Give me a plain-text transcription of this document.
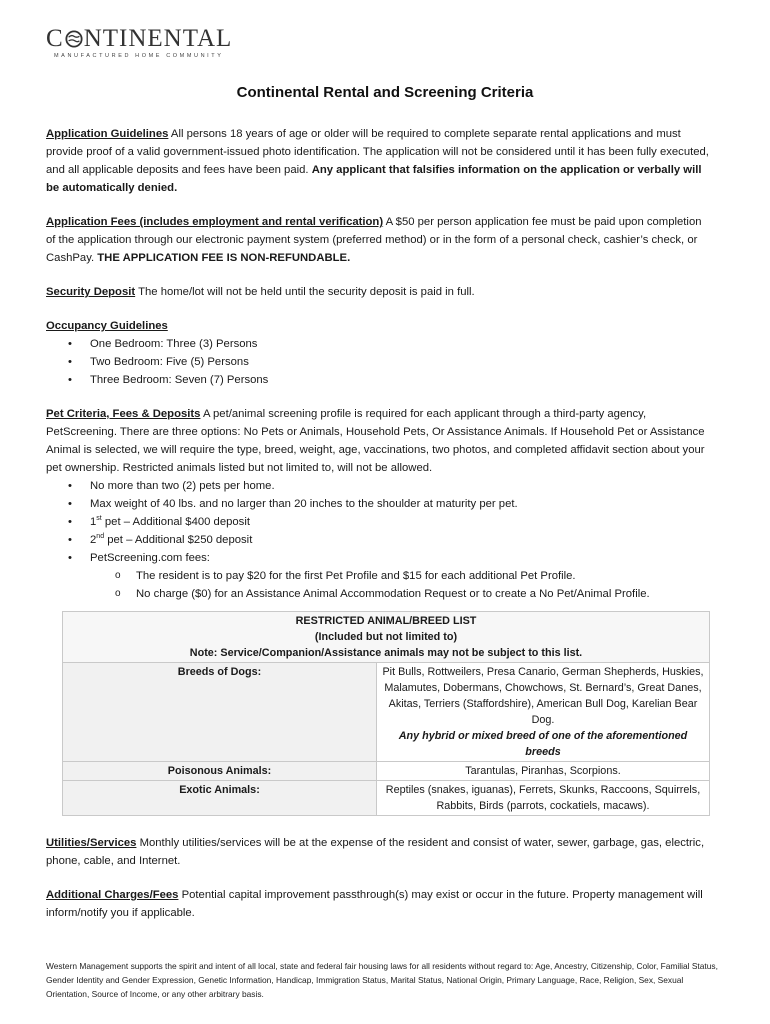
C NTINENTAL
MANUFACTURED HOME COMMUNITY
Continental Rental and Screening Criteria

Application Guidelines All persons 18 years of age or older will be required to complete separate rental applications and must provide proof of a valid government-issued photo identification. The application will not be considered until it has been fully executed, and all applicable deposits and fees have been paid. Any applicant that falsifies information on the application or verbally will be automatically denied.

Application Fees (includes employment and rental verification) A $50 per person application fee must be paid upon completion of the application through our electronic payment system (preferred method) or in the form of a personal check, cashier’s check, or CashPay. THE APPLICATION FEE IS NON-REFUNDABLE.

Security Deposit The home/lot will not be held until the security deposit is paid in full.

Occupancy Guidelines

• One Bedroom: Three (3) Persons
• Two Bedroom: Five (5) Persons
• Three Bedroom: Seven (7) Persons

Pet Criteria, Fees & Deposits A pet/animal screening profile is required for each applicant through a third-party agency, PetScreening. There are three options: No Pets or Animals, Household Pets, Or Assistance Animals. If Household Pet or Assistance Animal is selected, we will require the type, breed, weight, age, vaccinations, two photos, and completed affidavit section about your pet ownership. Restricted animals listed but not limited to, will not be allowed.

• No more than two (2) pets per home.
• Max weight of 40 lbs. and no larger than 20 inches to the shoulder at maturity per pet.
• 1st pet – Additional $400 deposit
• 2nd pet – Additional $250 deposit
• PetScreening.com fees:
o The resident is to pay $20 for the first Pet Profile and $15 for each additional Pet Profile.
o No charge ($0) for an Assistance Animal Accommodation Request or to create a No Pet/Animal Profile.
RESTRICTED ANIMAL/BREED LIST
(Included but not limited to)
Note: Service/Companion/Assistance animals may not be subject to this list.	

Breeds of Dogs:	Pit Bulls, Rottweilers, Presa Canario, German Shepherds, Huskies, Malamutes, Dobermans, Chowchows, St. Bernard’s, Great Danes, Akitas, Terriers (Staffordshire), American Bull Dog, Karelian Bear Dog.
Any hybrid or mixed breed of one of the aforementioned breeds

Poisonous Animals:	Tarantulas, Piranhas, Scorpions.
Exotic Animals:	Reptiles (snakes, iguanas), Ferrets, Skunks, Raccoons, Squirrels, Rabbits, Birds (parrots, cockatiels, macaws).

Utilities/Services Monthly utilities/services will be at the expense of the resident and consist of water, sewer, garbage, gas, electric, phone, cable, and Internet.

Additional Charges/Fees Potential capital improvement passthrough(s) may exist or occur in the future. Property management will inform/notify you if applicable.

Western Management supports the spirit and intent of all local, state and federal fair housing laws for all residents without regard to: Age, Ancestry, Citizenship, Color, Familial Status, Gender Identity and Gender Expression, Genetic Information, Handicap, Immigration Status, Marital Status, National Origin, Primary Language, Race, Religion, Sex, Sexual Orientation, Source of Income, or any other arbitrary basis.
